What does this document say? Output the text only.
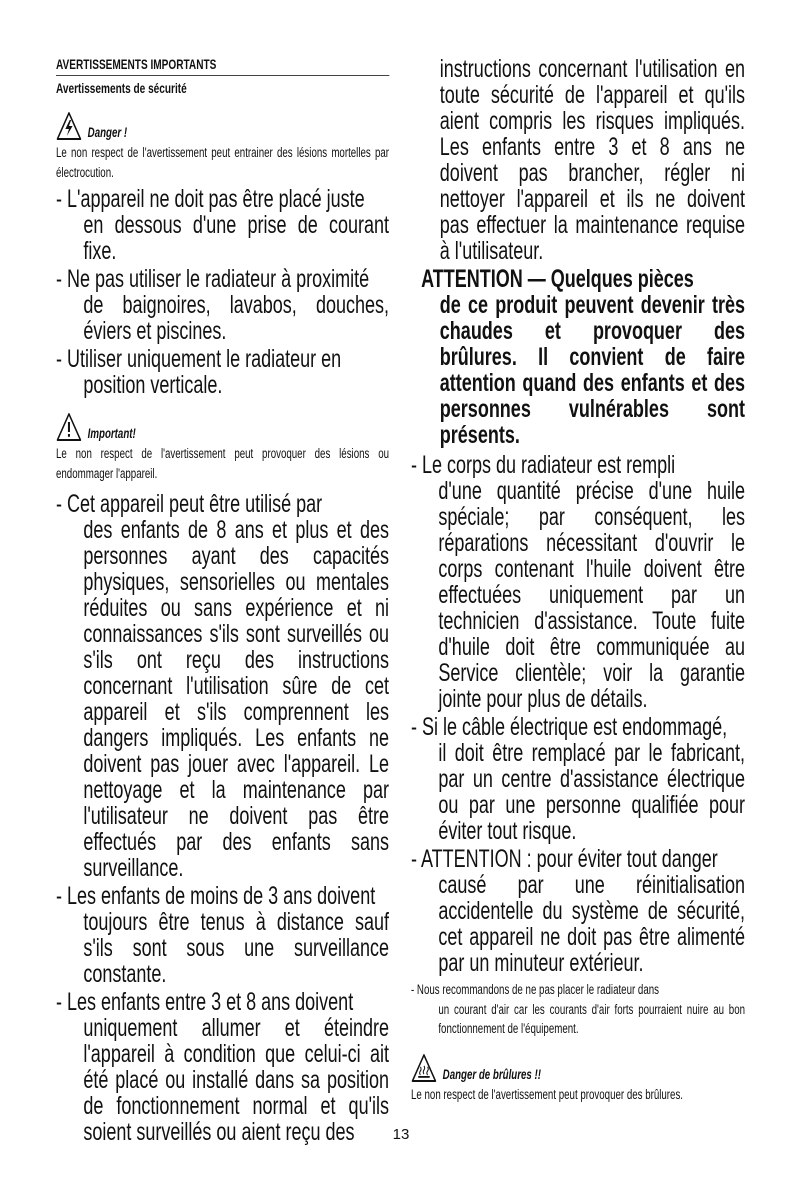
AVERTISSEMENTS IMPORTANTS
Avertissements de sécurité
Danger !
Le non respect de l'avertissement peut entrainer des lésions mortelles par électrocution.
- L'appareil ne doit pas être placé juste
en dessous d'une prise de courant fixe.
- Ne pas utiliser le radiateur à proximité
de baignoires, lavabos, douches, éviers et piscines.
- Utiliser uniquement le radiateur en
position verticale.
Important!
Le non respect de l'avertissement peut provoquer des lésions ou endommager l'appareil.
- Cet appareil peut être utilisé par
des enfants de 8 ans et plus et des personnes ayant des capacités physiques, sensorielles ou mentales réduites ou sans expérience et ni connaissances s'ils sont surveillés ou s'ils ont reçu des instructions concernant l'utilisation sûre de cet appareil et s'ils comprennent les dangers impliqués. Les enfants ne doivent pas jouer avec l'appareil. Le nettoyage et la maintenance par l'utilisateur ne doivent pas être effectués par des enfants sans surveillance.
- Les enfants de moins de 3 ans doivent
toujours être tenus à distance sauf s'ils sont sous une surveillance constante.
- Les enfants entre 3 et 8 ans doivent
uniquement allumer et éteindre l'appareil à condition que celui-ci ait été placé ou installé dans sa position de fonctionnement normal et qu'ils soient surveillés ou aient reçu des
instructions concernant l'utilisation en toute sécurité de l'appareil et qu'ils aient compris les risques impliqués. Les enfants entre 3 et 8 ans ne doivent pas brancher, régler ni nettoyer l'appareil et ils ne doivent pas effectuer la maintenance requise à l'utilisateur.
ATTENTION — Quelques pièces
de ce produit peuvent devenir très chaudes et provoquer des brûlures. Il convient de faire attention quand des enfants et des personnes vulnérables sont présents.
- Le corps du radiateur est rempli
d'une quantité précise d'une huile spéciale; par conséquent, les réparations nécessitant d'ouvrir le corps contenant l'huile doivent être effectuées uniquement par un technicien d'assistance. Toute fuite d'huile doit être communiquée au Service clientèle; voir la garantie jointe pour plus de détails.
- Si le câble électrique est endommagé,
il doit être remplacé par le fabricant, par un centre d'assistance électrique ou par une personne qualifiée pour éviter tout risque.
- ATTENTION : pour éviter tout danger
causé par une réinitialisation accidentelle du système de sécurité, cet appareil ne doit pas être alimenté par un minuteur extérieur.
- Nous recommandons de ne pas placer le radiateur dans
un courant d'air car les courants d'air forts pourraient nuire au bon fonctionnement de l'équipement.
Danger de brûlures !!
Le non respect de l'avertissement peut provoquer des brûlures.
13
